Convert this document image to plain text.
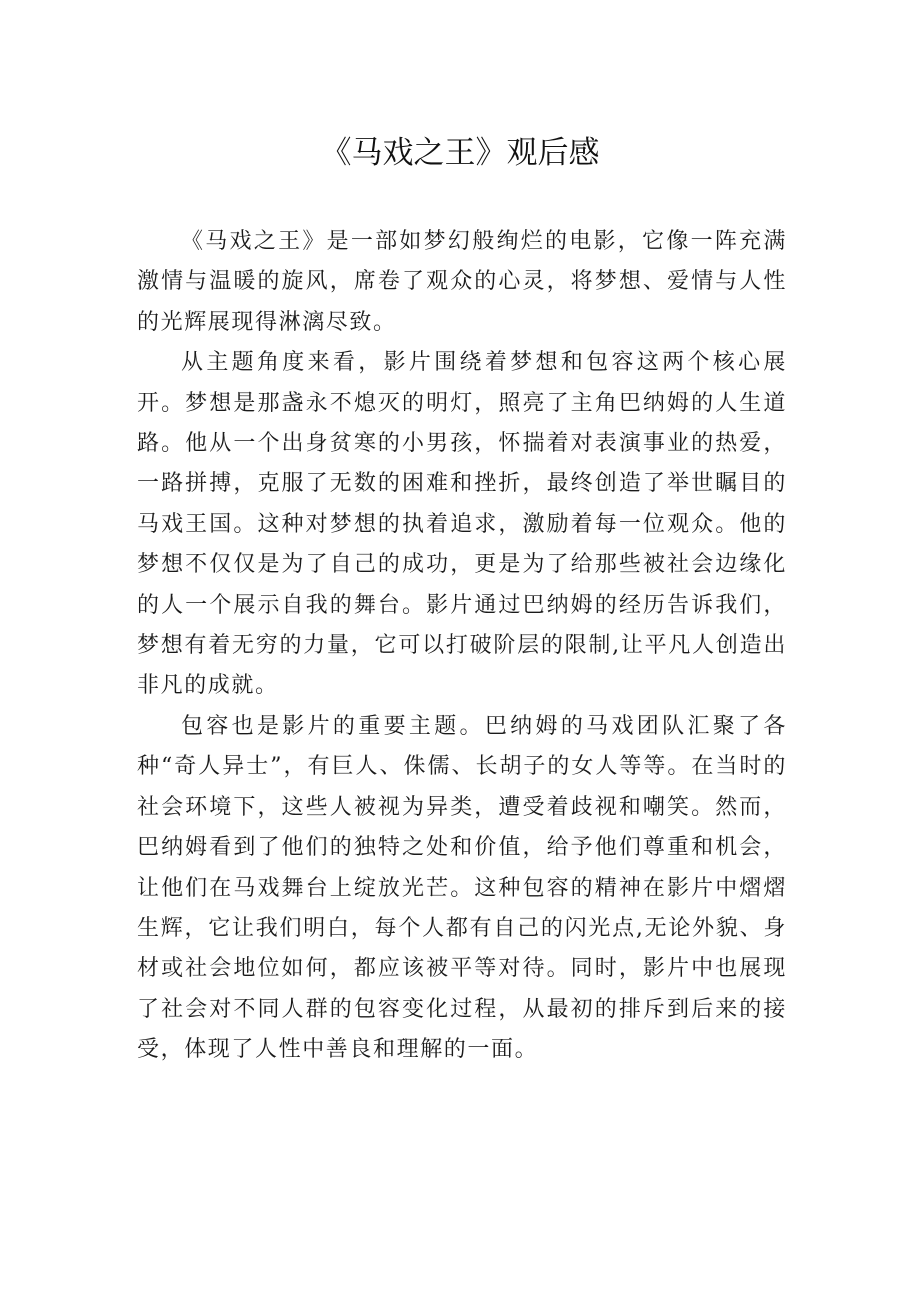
《马戏之王》观后感

《马戏之王》是一部如梦幻般绚烂的电影，它像一阵充满激情与温暖的旋风，席卷了观众的心灵，将梦想、爱情与人性的光辉展现得淋漓尽致。

从主题角度来看，影片围绕着梦想和包容这两个核心展开。梦想是那盏永不熄灭的明灯，照亮了主角巴纳姆的人生道路。他从一个出身贫寒的小男孩，怀揣着对表演事业的热爱，一路拼搏，克服了无数的困难和挫折，最终创造了举世瞩目的马戏王国。这种对梦想的执着追求，激励着每一位观众。他的梦想不仅仅是为了自己的成功，更是为了给那些被社会边缘化的人一个展示自我的舞台。影片通过巴纳姆的经历告诉我们，梦想有着无穷的力量，它可以打破阶层的限制,让平凡人创造出非凡的成就。

包容也是影片的重要主题。巴纳姆的马戏团队汇聚了各种“奇人异士”，有巨人、侏儒、长胡子的女人等等。在当时的社会环境下，这些人被视为异类，遭受着歧视和嘲笑。然而，巴纳姆看到了他们的独特之处和价值，给予他们尊重和机会，让他们在马戏舞台上绽放光芒。这种包容的精神在影片中熠熠生辉，它让我们明白，每个人都有自己的闪光点,无论外貌、身材或社会地位如何，都应该被平等对待。同时，影片中也展现了社会对不同人群的包容变化过程，从最初的排斥到后来的接受，体现了人性中善良和理解的一面。
